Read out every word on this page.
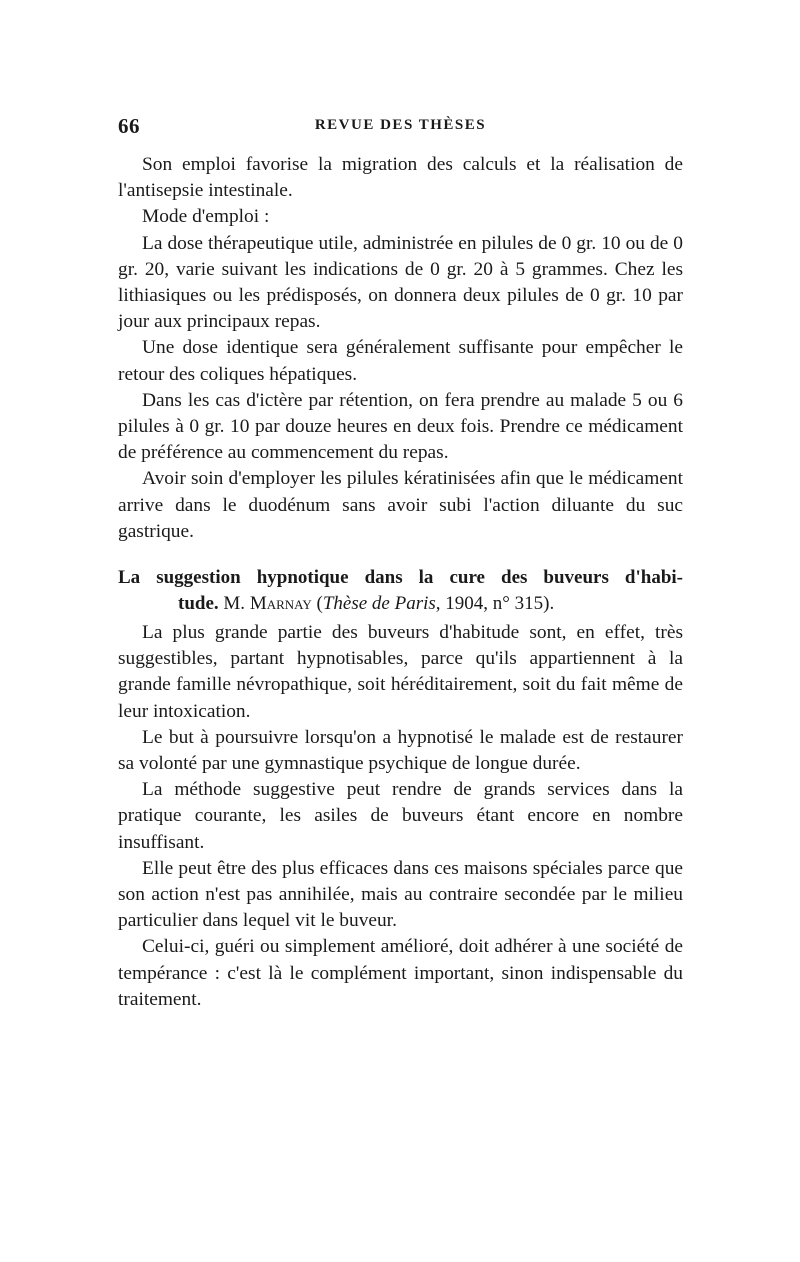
66	REVUE DES THÈSES

Son emploi favorise la migration des calculs et la réalisation de l'antisepsie intestinale.

Mode d'emploi :

La dose thérapeutique utile, administrée en pilules de 0 gr. 10 ou de 0 gr. 20, varie suivant les indications de 0 gr. 20 à 5 grammes. Chez les lithiasiques ou les prédisposés, on donnera deux pilules de 0 gr. 10 par jour aux principaux repas.

Une dose identique sera généralement suffisante pour empêcher le retour des coliques hépatiques.

Dans les cas d'ictère par rétention, on fera prendre au malade 5 ou 6 pilules à 0 gr. 10 par douze heures en deux fois. Prendre ce médicament de préférence au commencement du repas.

Avoir soin d'employer les pilules kératinisées afin que le médicament arrive dans le duodénum sans avoir subi l'action diluante du suc gastrique.

La suggestion hypnotique dans la cure des buveurs d'habi-
tude. M. Marnay (Thèse de Paris, 1904, n° 315).

La plus grande partie des buveurs d'habitude sont, en effet, très suggestibles, partant hypnotisables, parce qu'ils appartiennent à la grande famille névropathique, soit héréditairement, soit du fait même de leur intoxication.

Le but à poursuivre lorsqu'on a hypnotisé le malade est de restaurer sa volonté par une gymnastique psychique de longue durée.

La méthode suggestive peut rendre de grands services dans la pratique courante, les asiles de buveurs étant encore en nombre insuffisant.

Elle peut être des plus efficaces dans ces maisons spéciales parce que son action n'est pas annihilée, mais au contraire secondée par le milieu particulier dans lequel vit le buveur.

Celui-ci, guéri ou simplement amélioré, doit adhérer à une société de tempérance : c'est là le complément important, sinon indispensable du traitement.
